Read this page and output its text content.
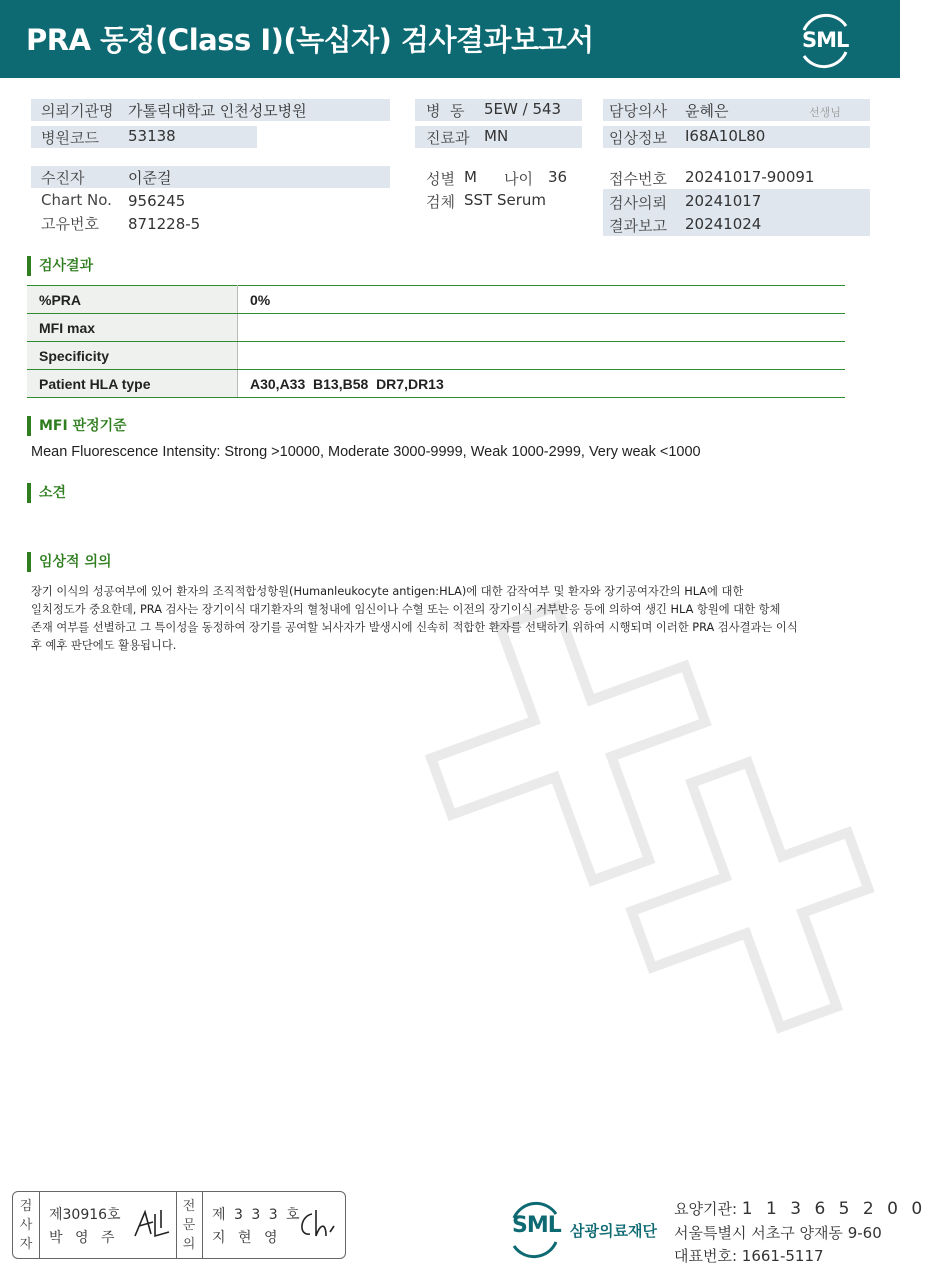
PRA 동정(Class I)(녹십자) 검사결과보고서	SML
의뢰기관명 가톨릭대학교 인천성모병원
병원코드 53138
병  동 5EW / 543
진료과 MN
담당의사 윤혜은	선생님
임상정보 I68A10L80
수진자	이준걸
Chart No. 956245
고유번호 871228-5
성별 M 나이 36
검체 SST Serum
접수번호 20241017-90091
검사의뢰 20241017
결과보고 20241024
검사결과
%PRA	0%
MFI max	
Specificity	
Patient HLA type	A30,A33  B13,B58  DR7,DR13
MFI 판정기준
Mean Fluorescence Intensity: Strong >10000, Moderate 3000-9999, Weak 1000-2999, Very weak <1000
소견
임상적 의의
장기 이식의 성공여부에 있어 환자의 조직적합성항원(Humanleukocyte antigen:HLA)에 대한 감작여부 및 환자와 장기공여자간의 HLA에 대한
일치정도가 중요한데, PRA 검사는 장기이식 대기환자의 혈청내에 임신이나 수혈 또는 이전의 장기이식 거부반응 등에 의하여 생긴 HLA 항원에 대한 항체
존재 여부를 선별하고 그 특이성을 동정하여 장기를 공여할 뇌사자가 발생시에 신속히 적합한 환자를 선택하기 위하여 시행되며 이러한 PRA 검사결과는 이식
후 예후 판단에도 활용됩니다.
검
사
자
제30916호
박 영 주
전
문
의
제 3 3 3 호
지 현 영	SML 삼광의료재단
요양기관: 1 1 3 6 5 2 0 0
서울특별시 서초구 양재동 9-60
대표번호: 1661-5117
